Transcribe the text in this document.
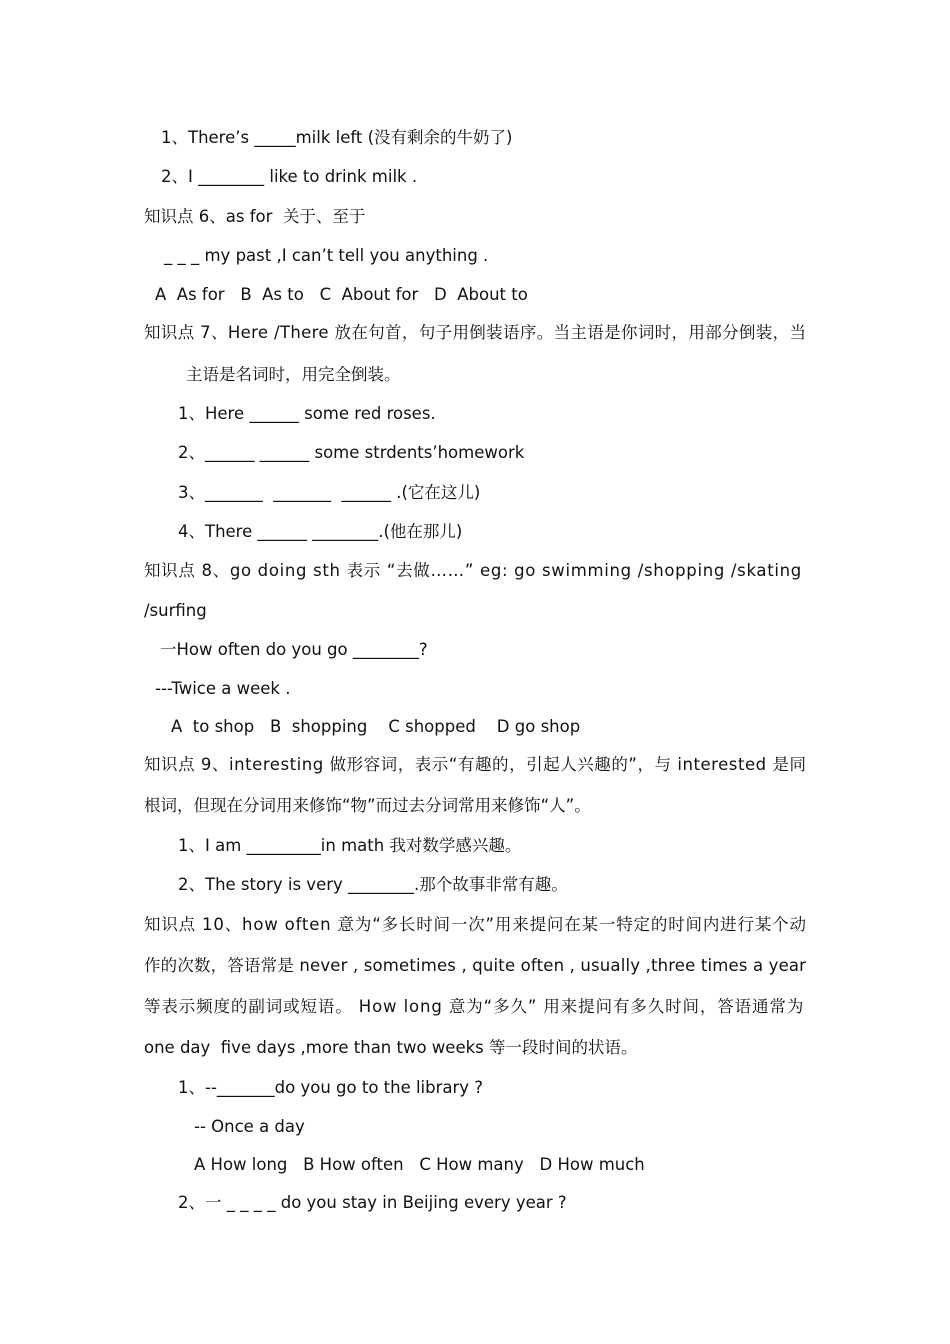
1、There’s _____milk left (没有剩余的牛奶了)
2、I ________ like to drink milk .
知识点 6、as for  关于、至于
_ _ _ my past ,I can’t tell you anything .
A  As for   B  As to   C  About for   D  About to
知识点 7、Here /There 放在句首，句子用倒装语序。当主语是你词时，用部分倒装，当
主语是名词时，用完全倒装。
1、Here ______ some red roses.
2、______ ______ some strdents’homework
3、_______  _______  ______ .(它在这儿)
4、There ______ ________.(他在那儿)
知识点 8、go doing sth 表示 “去做……” eg: go swimming /shopping /skating
/surfing
一How often do you go ________?
---Twice a week .
A  to shop   B  shopping    C shopped    D go shop
知识点 9、interesting 做形容词，表示“有趣的，引起人兴趣的”，与 interested 是同
根词，但现在分词用来修饰“物”而过去分词常用来修饰“人”。
1、I am _________in math 我对数学感兴趣。
2、The story is very ________.那个故事非常有趣。
知识点 10、how often 意为“多长时间一次”用来提问在某一特定的时间内进行某个动
作的次数，答语常是 never , sometimes , quite often , usually ,three times a year
等表示频度的副词或短语。 How long 意为“多久” 用来提问有多久时间，答语通常为
one day  five days ,more than two weeks 等一段时间的状语。
1、--_______do you go to the library ?
-- Once a day
A How long   B How often   C How many   D How much
2、一 _ _ _ _ do you stay in Beijing every year ?
